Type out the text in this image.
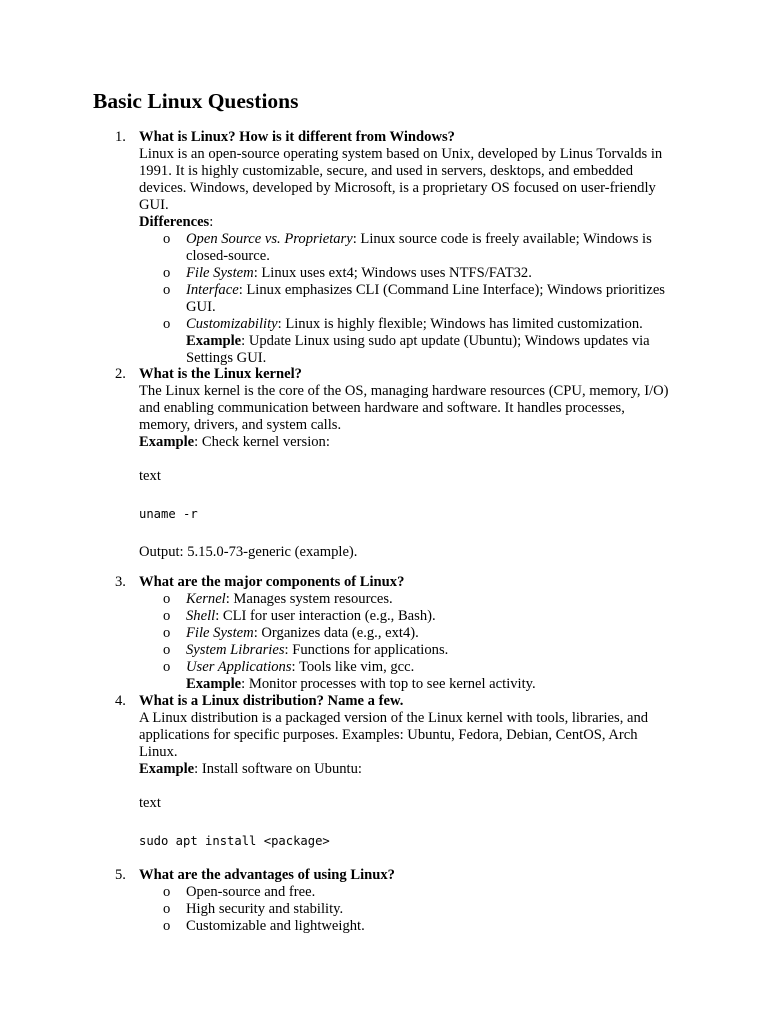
Basic Linux Questions
1. What is Linux? How is it different from Windows?

Linux is an open-source operating system based on Unix, developed by Linus Torvalds in 1991. It is highly customizable, secure, and used in servers, desktops, and embedded devices. Windows, developed by Microsoft, is a proprietary OS focused on user-friendly GUI.

Differences:

o Open Source vs. Proprietary: Linux source code is freely available; Windows is closed-source.
o File System: Linux uses ext4; Windows uses NTFS/FAT32.
o Interface: Linux emphasizes CLI (Command Line Interface); Windows prioritizes GUI.
o Customizability: Linux is highly flexible; Windows has limited customization.
Example: Update Linux using sudo apt update (Ubuntu); Windows updates via Settings GUI.
2. What is the Linux kernel?

The Linux kernel is the core of the OS, managing hardware resources (CPU, memory, I/O) and enabling communication between hardware and software. It handles processes, memory, drivers, and system calls.

Example: Check kernel version:

text

uname -r

Output: 5.15.0-73-generic (example).

3. What are the major components of Linux?

o Kernel: Manages system resources.
o Shell: CLI for user interaction (e.g., Bash).
o File System: Organizes data (e.g., ext4).
o System Libraries: Functions for applications.
o User Applications: Tools like vim, gcc.
Example: Monitor processes with top to see kernel activity.
4. What is a Linux distribution? Name a few.

A Linux distribution is a packaged version of the Linux kernel with tools, libraries, and applications for specific purposes. Examples: Ubuntu, Fedora, Debian, CentOS, Arch Linux.

Example: Install software on Ubuntu:

text

sudo apt install <package>

5. What are the advantages of using Linux?

o Open-source and free.
o High security and stability.
o Customizable and lightweight.
